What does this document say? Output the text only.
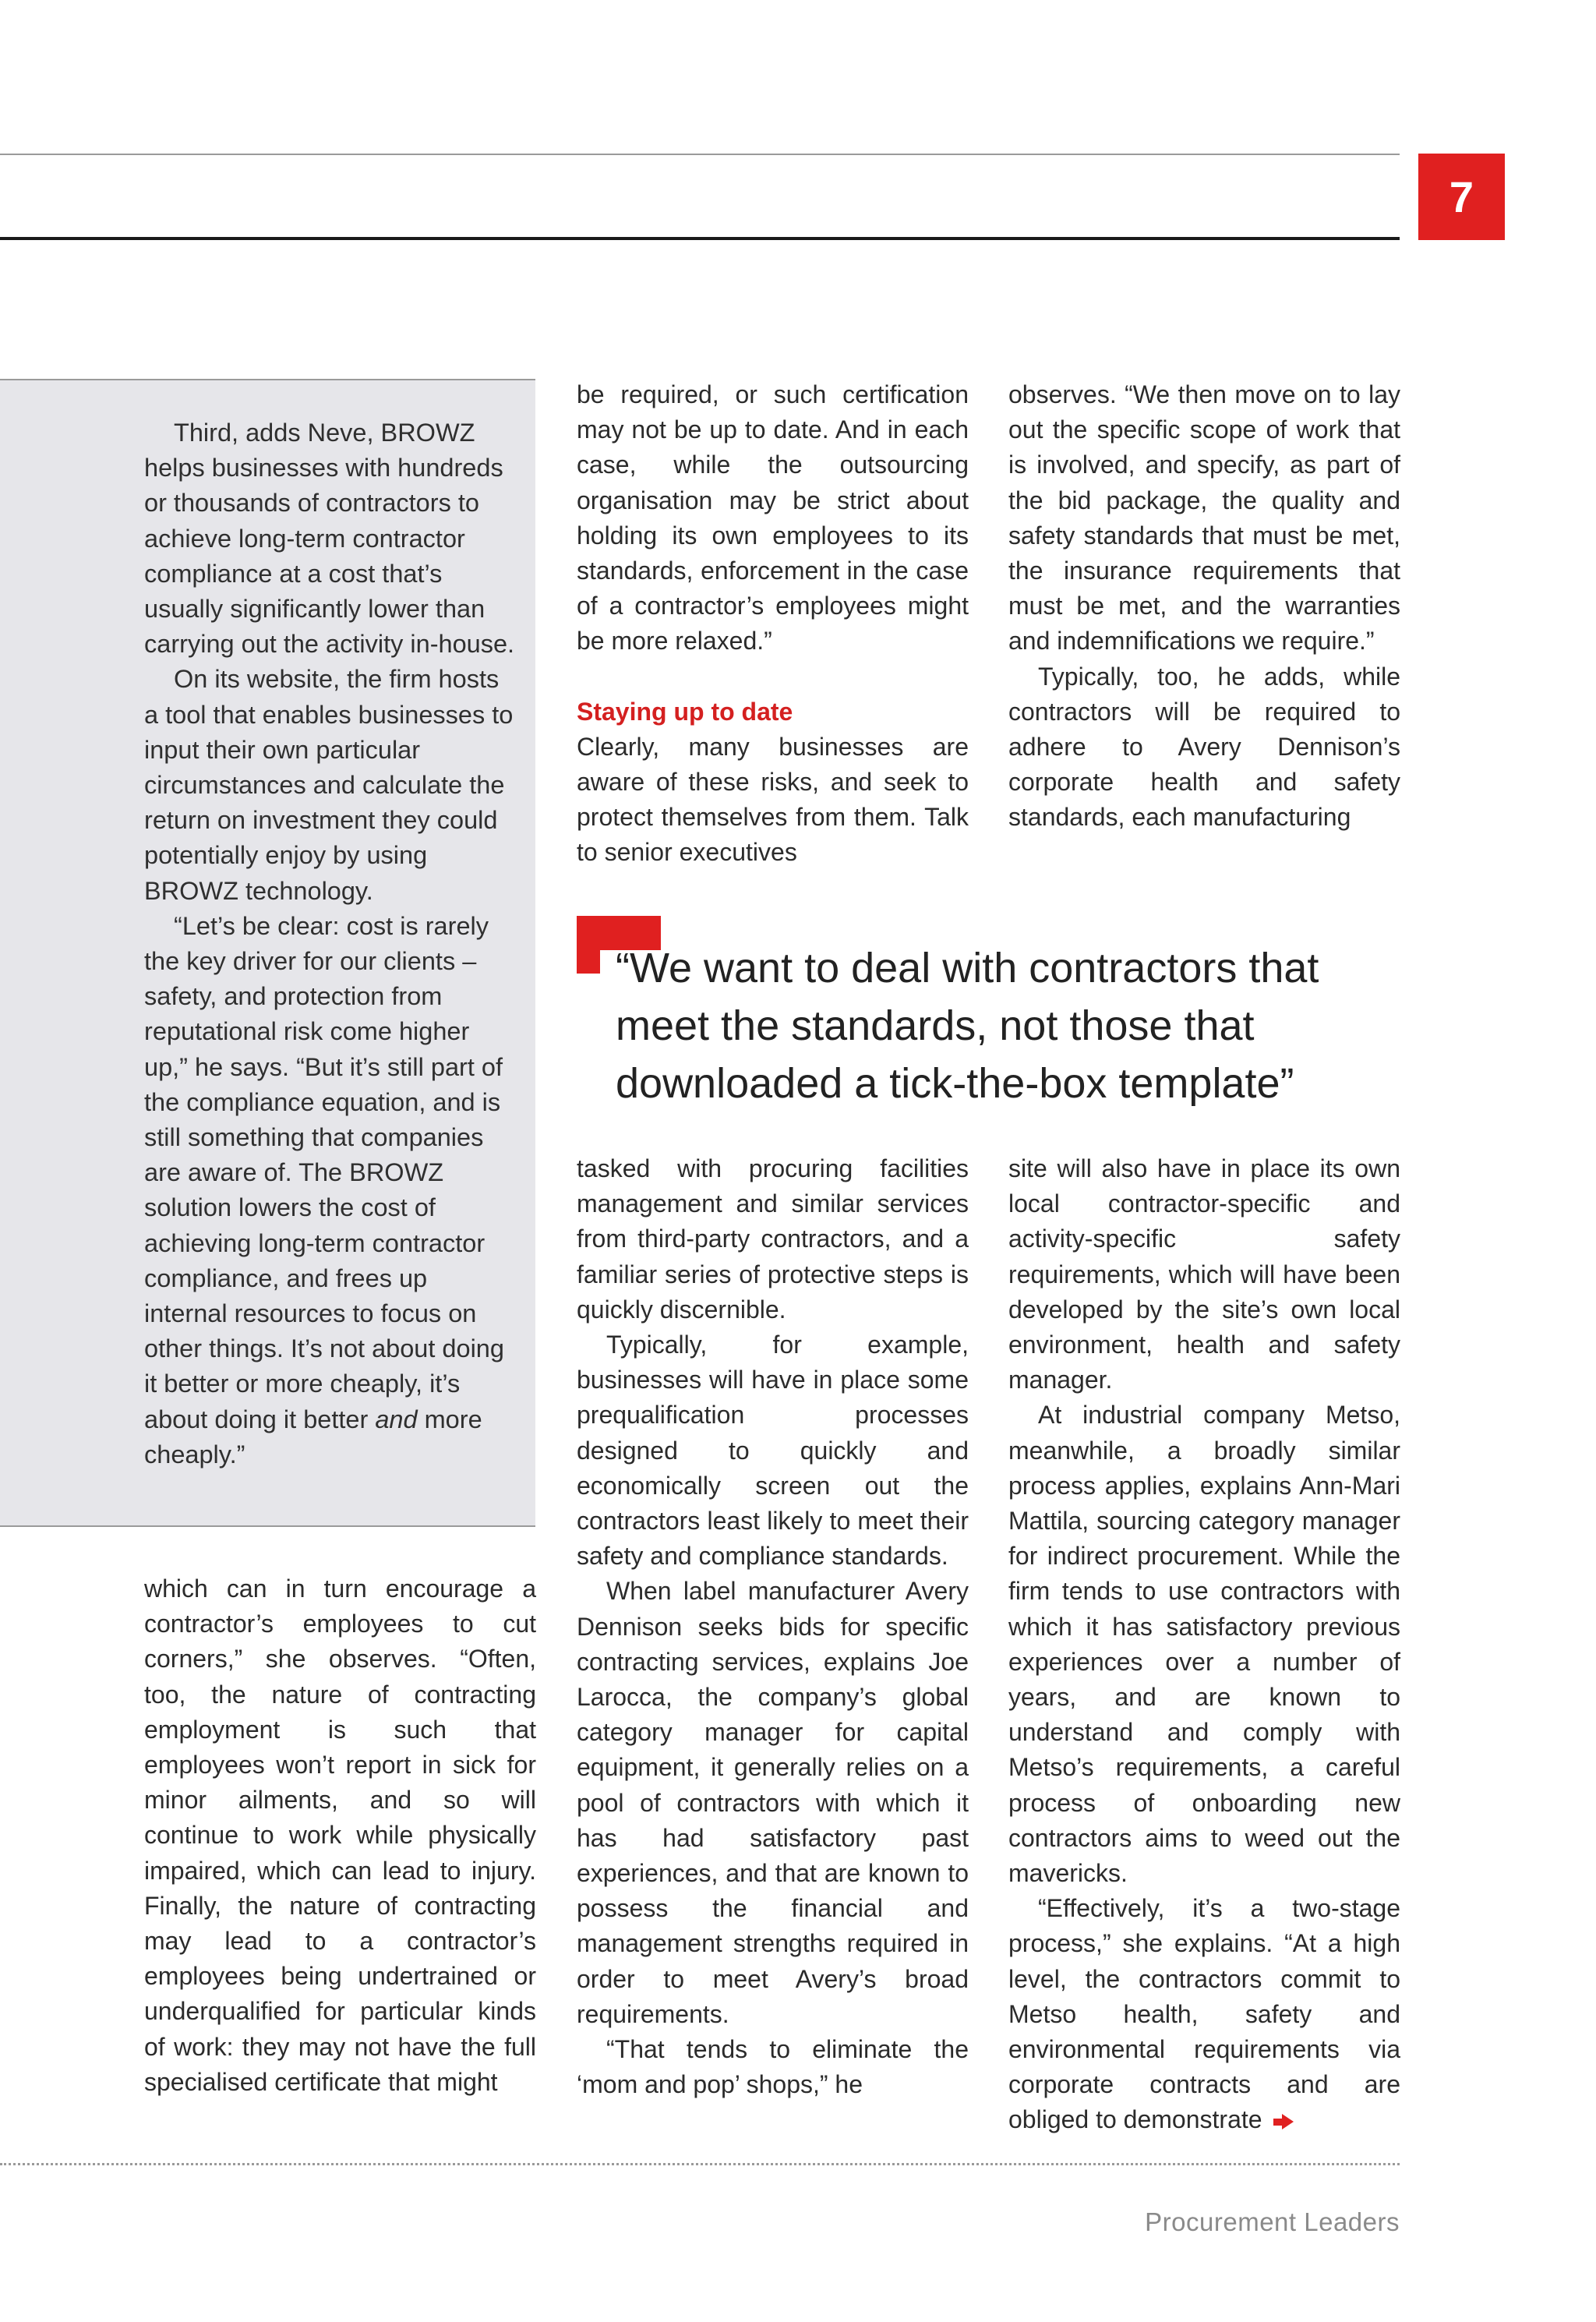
7

Third, adds Neve, BROWZ helps businesses with hundreds or thousands of contractors to achieve long-term contractor compliance at a cost that’s usually significantly lower than carrying out the activity in-house.

On its website, the firm hosts a tool that enables businesses to input their own particular circumstances and calculate the return on investment they could potentially enjoy by using BROWZ technology.

“Let’s be clear: cost is rarely the key driver for our clients – safety, and protection from reputational risk come higher up,” he says. “But it’s still part of the compliance equation, and is still something that companies are aware of. The BROWZ solution lowers the cost of achieving long-term contractor compliance, and frees up internal resources to focus on other things. It’s not about doing it better or more cheaply, it’s about doing it better and more cheaply.”

which can in turn encourage a contractor’s employees to cut corners,” she observes. “Often, too, the nature of contracting employment is such that employees won’t report in sick for minor ailments, and so will continue to work while physically impaired, which can lead to injury. Finally, the nature of contracting may lead to a contractor’s employees being undertrained or underqualified for particular kinds of work: they may not have the full specialised certificate that might

be required, or such certification may not be up to date. And in each case, while the outsourcing organisation may be strict about holding its own employees to its standards, enforcement in the case of a contractor’s employees might be more relaxed.”

Staying up to date

Clearly, many businesses are aware of these risks, and seek to protect themselves from them. Talk to senior executives

observes. “We then move on to lay out the specific scope of work that is involved, and specify, as part of the bid package, the quality and safety standards that must be met, the insurance requirements that must be met, and the warranties and indemnifications we require.”

Typically, too, he adds, while contractors will be required to adhere to Avery Dennison’s corporate health and safety standards, each manufacturing

“We want to deal with contractors that meet the standards, not those that downloaded a tick-the-box template”

tasked with procuring facilities management and similar services from third-party contractors, and a familiar series of protective steps is quickly discernible.

Typically, for example, businesses will have in place some prequalification processes designed to quickly and economically screen out the contractors least likely to meet their safety and compliance standards.

When label manufacturer Avery Dennison seeks bids for specific contracting services, explains Joe Larocca, the company’s global category manager for capital equipment, it generally relies on a pool of contractors with which it has had satisfactory past experiences, and that are known to possess the financial and management strengths required in order to meet Avery’s broad requirements.

“That tends to eliminate the ‘mom and pop’ shops,” he

site will also have in place its own local contractor-specific and activity-specific safety requirements, which will have been developed by the site’s own local environment, health and safety manager.

At industrial company Metso, meanwhile, a broadly similar process applies, explains Ann-Mari Mattila, sourcing category manager for indirect procurement. While the firm tends to use contractors with which it has satisfactory previous experiences over a number of years, and are known to understand and comply with Metso’s requirements, a careful process of onboarding new contractors aims to weed out the mavericks.

“Effectively, it’s a two-stage process,” she explains. “At a high level, the contractors commit to Metso health, safety and environmental requirements via corporate contracts and are obliged to demonstrate

Procurement Leaders
